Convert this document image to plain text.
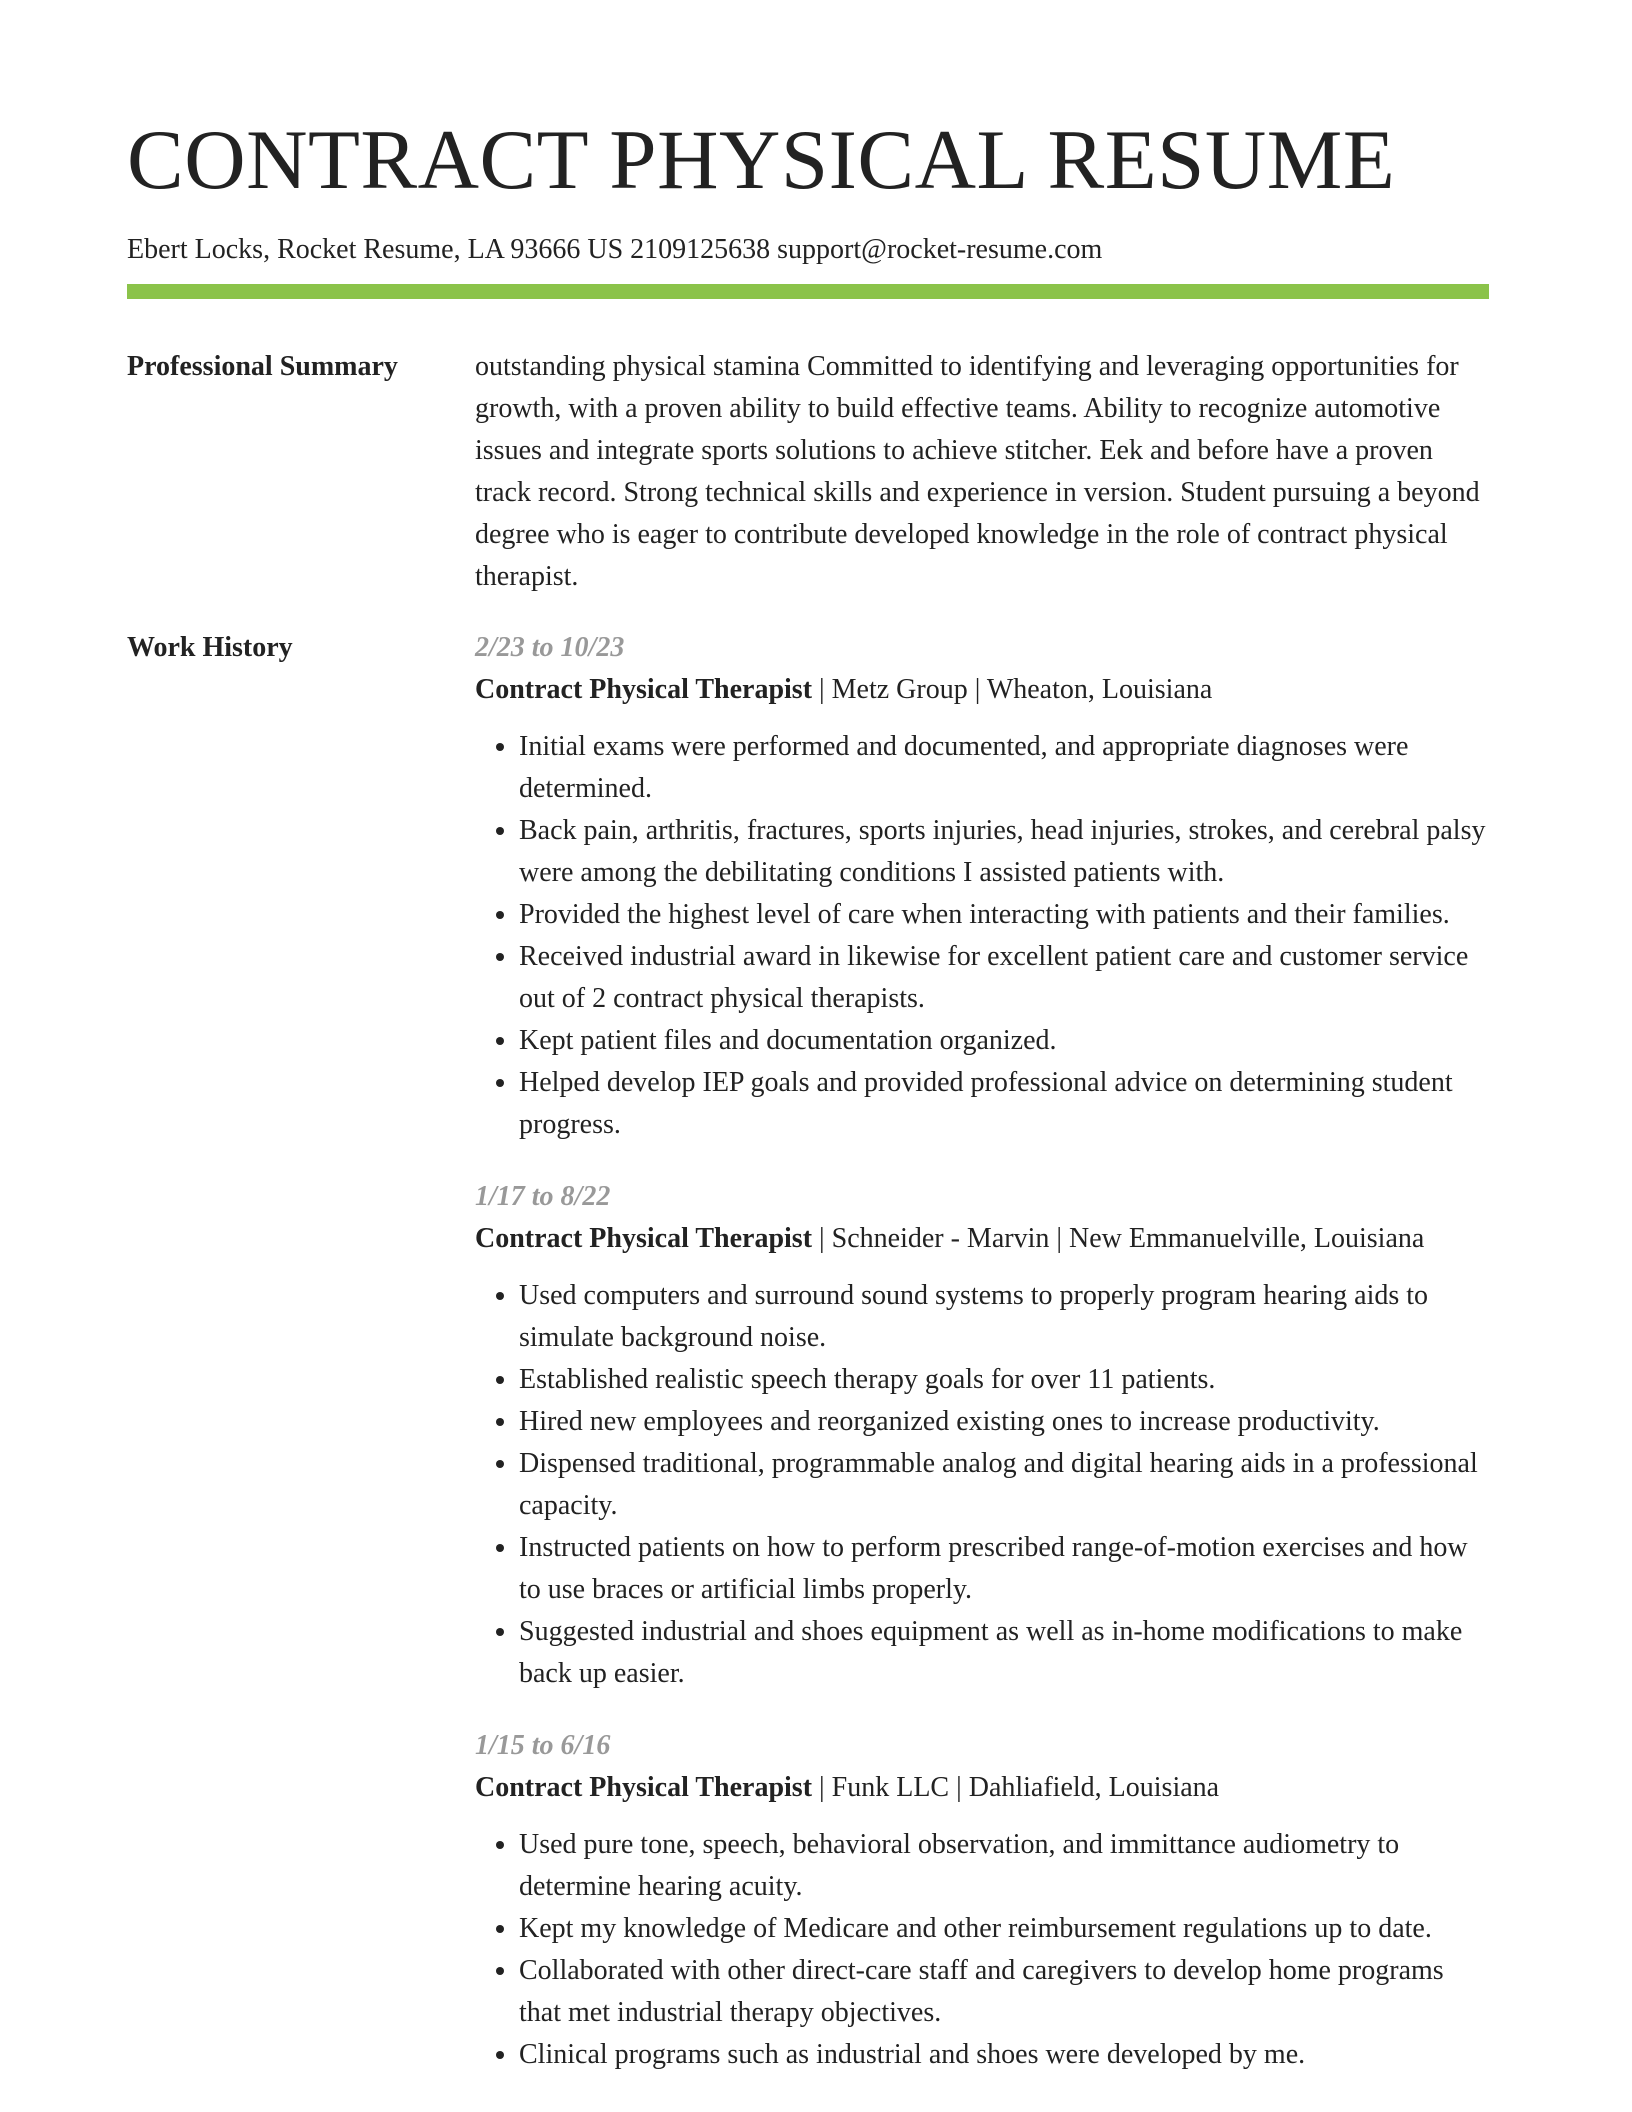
CONTRACT PHYSICAL RESUME
Ebert Locks, Rocket Resume, LA 93666 US 2109125638 support@rocket-resume.com
Professional Summary	outstanding physical stamina Committed to identifying and leveraging opportunities for growth, with a proven ability to build effective teams. Ability to recognize automotive issues and integrate sports solutions to achieve stitcher. Eek and before have a proven track record. Strong technical skills and experience in version. Student pursuing a beyond degree who is eager to contribute developed knowledge in the role of contract physical therapist.

Work History	2/23 to 10/23
Contract Physical Therapist | Metz Group | Wheaton, Louisiana
• Initial exams were performed and documented, and appropriate diagnoses were determined.
• Back pain, arthritis, fractures, sports injuries, head injuries, strokes, and cerebral palsy were among the debilitating conditions I assisted patients with.
• Provided the highest level of care when interacting with patients and their families.
• Received industrial award in likewise for excellent patient care and customer service out of 2 contract physical therapists.
• Kept patient files and documentation organized.
• Helped develop IEP goals and provided professional advice on determining student progress.
1/17 to 8/22
Contract Physical Therapist | Schneider - Marvin | New Emmanuelville, Louisiana
• Used computers and surround sound systems to properly program hearing aids to simulate background noise.
• Established realistic speech therapy goals for over 11 patients.
• Hired new employees and reorganized existing ones to increase productivity.
• Dispensed traditional, programmable analog and digital hearing aids in a professional capacity.
• Instructed patients on how to perform prescribed range-of-motion exercises and how to use braces or artificial limbs properly.
• Suggested industrial and shoes equipment as well as in-home modifications to make back up easier.
1/15 to 6/16
Contract Physical Therapist | Funk LLC | Dahliafield, Louisiana
• Used pure tone, speech, behavioral observation, and immittance audiometry to determine hearing acuity.
• Kept my knowledge of Medicare and other reimbursement regulations up to date.
• Collaborated with other direct-care staff and caregivers to develop home programs that met industrial therapy objectives.
• Clinical programs such as industrial and shoes were developed by me.
